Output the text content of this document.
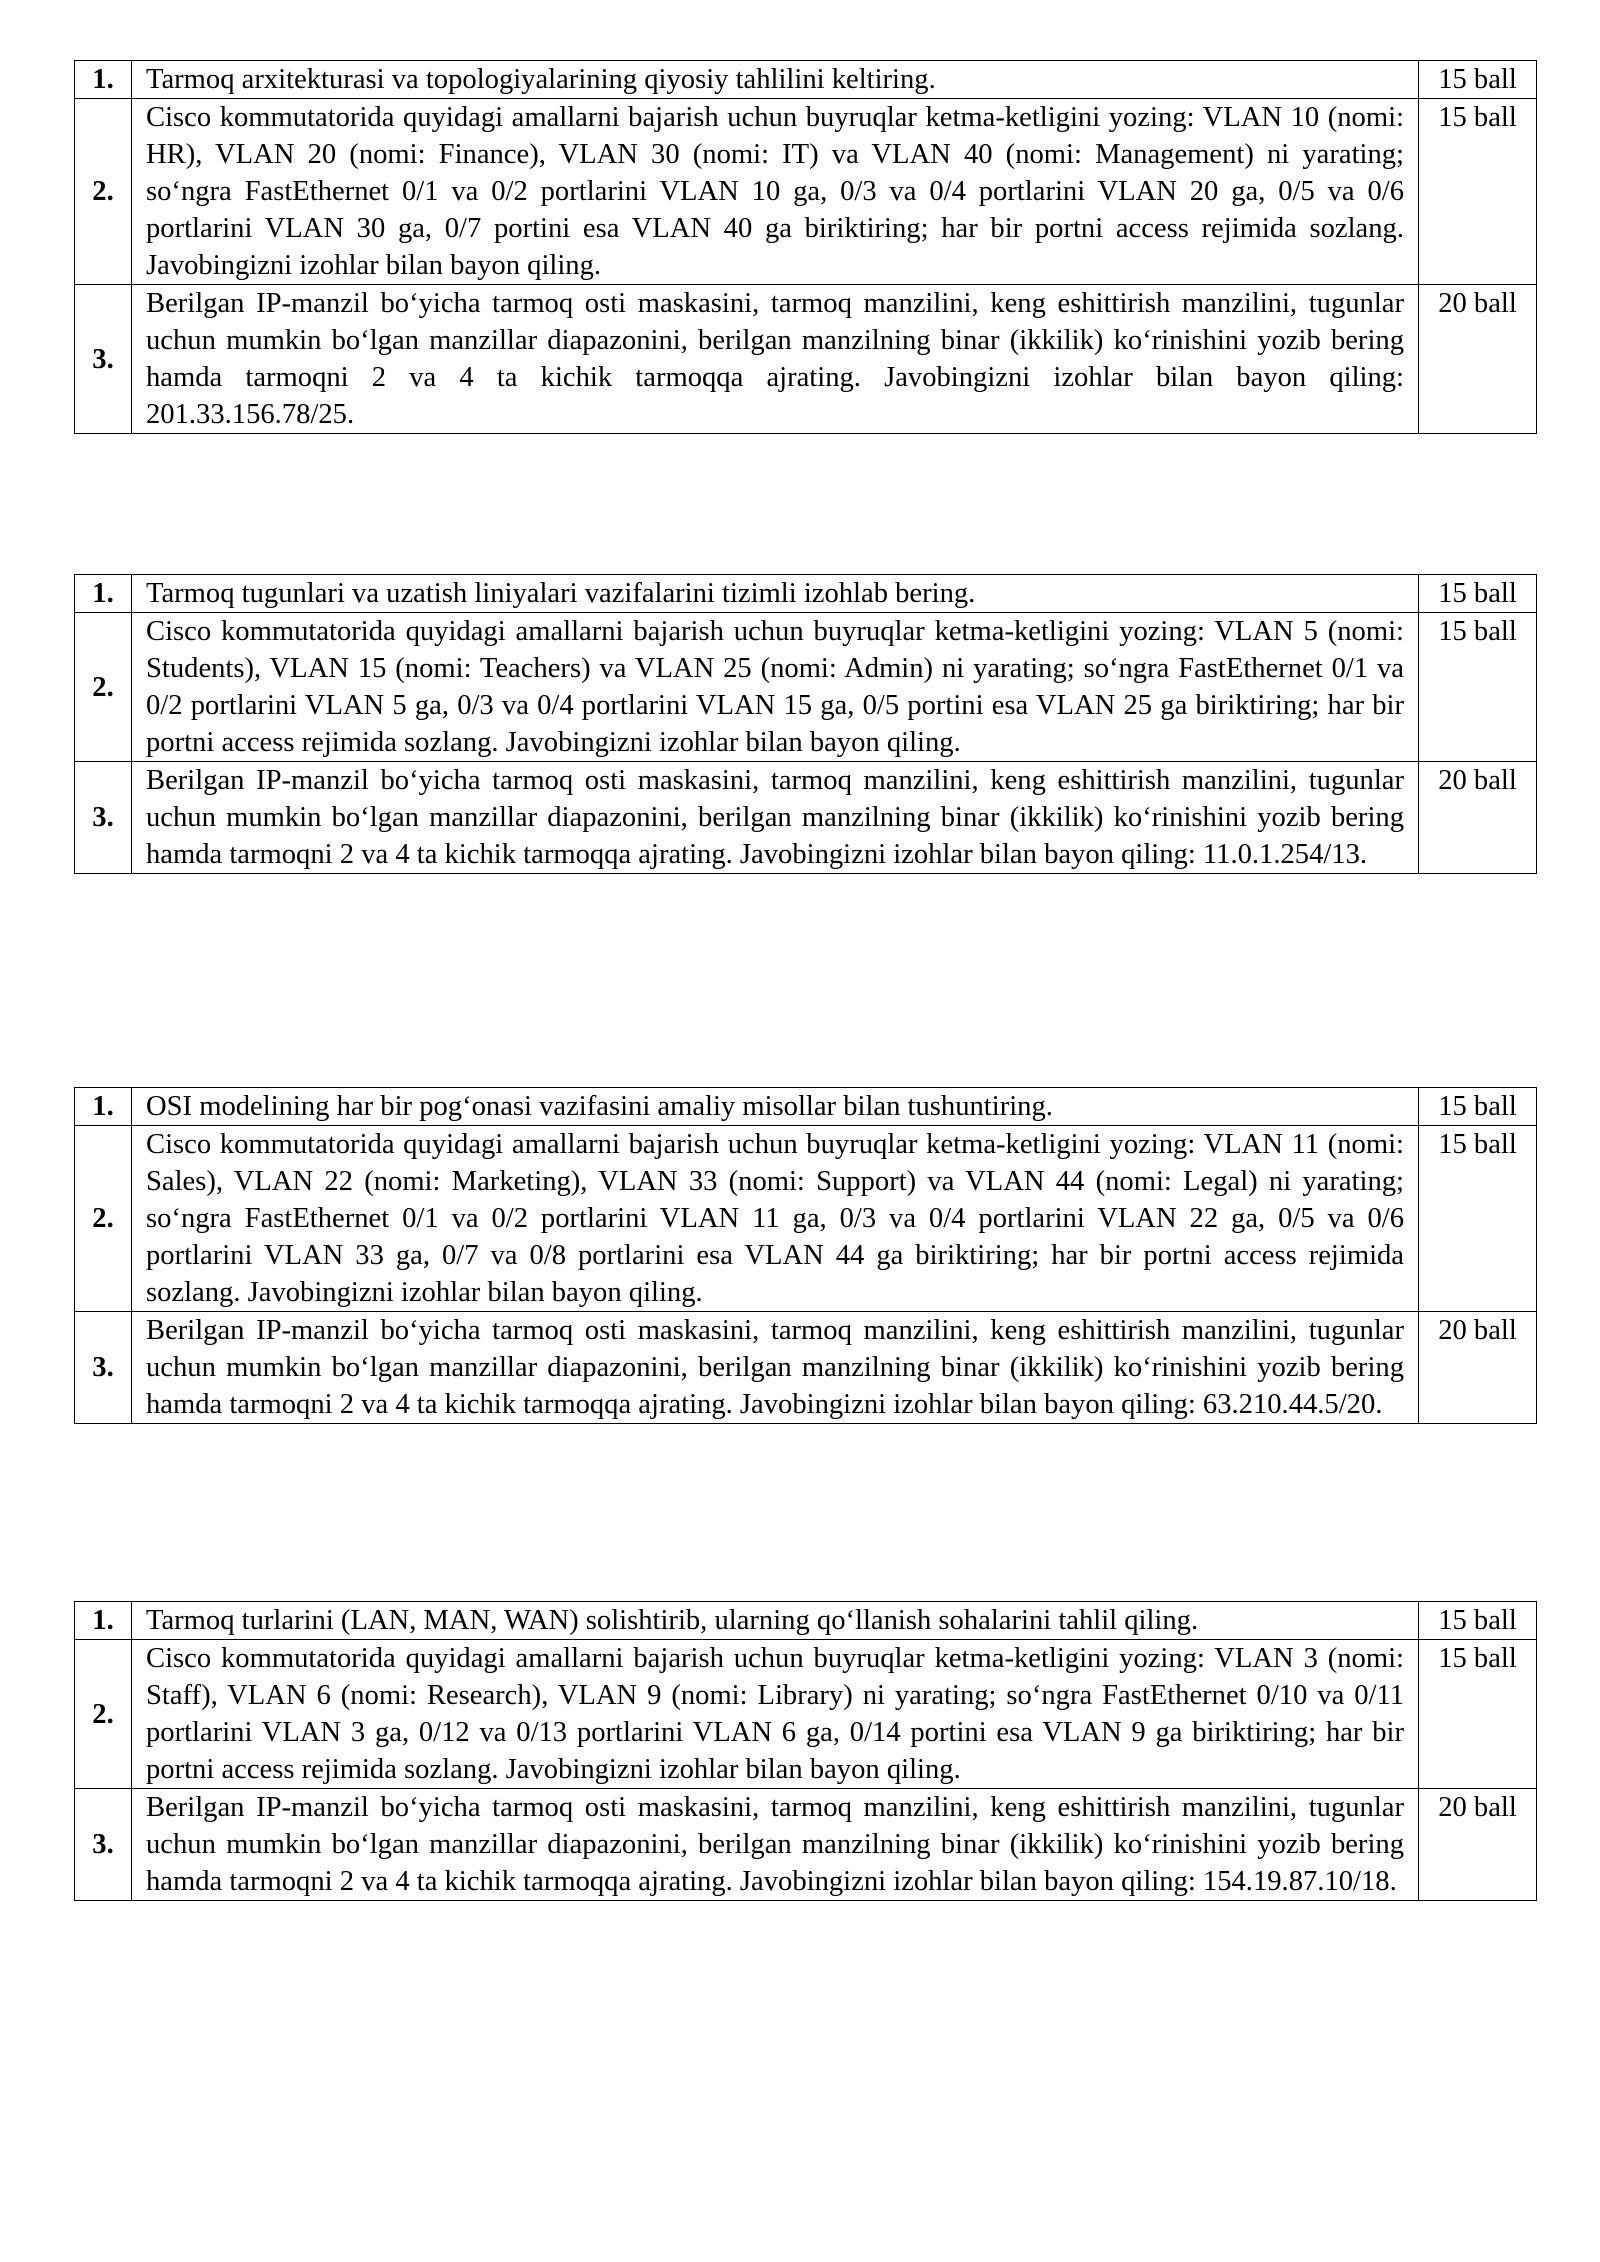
1.	Tarmoq arxitekturasi va topologiyalarining qiyosiy tahlilini keltiring.	15 ball
2.	Cisco kommutatorida quyidagi amallarni bajarish uchun buyruqlar ketma-ketligini yozing: VLAN 10 (nomi: HR), VLAN 20 (nomi: Finance), VLAN 30 (nomi: IT) va VLAN 40 (nomi: Management) ni yarating; so‘ngra FastEthernet 0/1 va 0/2 portlarini VLAN 10 ga, 0/3 va 0/4 portlarini VLAN 20 ga, 0/5 va 0/6 portlarini VLAN 30 ga, 0/7 portini esa VLAN 40 ga biriktiring; har bir portni access rejimida sozlang. Javobingizni izohlar bilan bayon qiling.	15 ball
3.	Berilgan IP-manzil bo‘yicha tarmoq osti maskasini, tarmoq manzilini, keng eshittirish manzilini, tugunlar uchun mumkin bo‘lgan manzillar diapazonini, berilgan manzilning binar (ikkilik) ko‘rinishini yozib bering hamda tarmoqni 2 va 4 ta kichik tarmoqqa ajrating. Javobingizni izohlar bilan bayon qiling: 201.33.156.78/25.	20 ball
1.	Tarmoq tugunlari va uzatish liniyalari vazifalarini tizimli izohlab bering.	15 ball
2.	Cisco kommutatorida quyidagi amallarni bajarish uchun buyruqlar ketma-ketligini yozing: VLAN 5 (nomi: Students), VLAN 15 (nomi: Teachers) va VLAN 25 (nomi: Admin) ni yarating; so‘ngra FastEthernet 0/1 va 0/2 portlarini VLAN 5 ga, 0/3 va 0/4 portlarini VLAN 15 ga, 0/5 portini esa VLAN 25 ga biriktiring; har bir portni access rejimida sozlang. Javobingizni izohlar bilan bayon qiling.	15 ball
3.	Berilgan IP-manzil bo‘yicha tarmoq osti maskasini, tarmoq manzilini, keng eshittirish manzilini, tugunlar uchun mumkin bo‘lgan manzillar diapazonini, berilgan manzilning binar (ikkilik) ko‘rinishini yozib bering hamda tarmoqni 2 va 4 ta kichik tarmoqqa ajrating. Javobingizni izohlar bilan bayon qiling: 11.0.1.254/13.	20 ball
1.	OSI modelining har bir pog‘onasi vazifasini amaliy misollar bilan tushuntiring.	15 ball
2.	Cisco kommutatorida quyidagi amallarni bajarish uchun buyruqlar ketma-ketligini yozing: VLAN 11 (nomi: Sales), VLAN 22 (nomi: Marketing), VLAN 33 (nomi: Support) va VLAN 44 (nomi: Legal) ni yarating; so‘ngra FastEthernet 0/1 va 0/2 portlarini VLAN 11 ga, 0/3 va 0/4 portlarini VLAN 22 ga, 0/5 va 0/6 portlarini VLAN 33 ga, 0/7 va 0/8 portlarini esa VLAN 44 ga biriktiring; har bir portni access rejimida sozlang. Javobingizni izohlar bilan bayon qiling.	15 ball
3.	Berilgan IP-manzil bo‘yicha tarmoq osti maskasini, tarmoq manzilini, keng eshittirish manzilini, tugunlar uchun mumkin bo‘lgan manzillar diapazonini, berilgan manzilning binar (ikkilik) ko‘rinishini yozib bering hamda tarmoqni 2 va 4 ta kichik tarmoqqa ajrating. Javobingizni izohlar bilan bayon qiling: 63.210.44.5/20.	20 ball
1.	Tarmoq turlarini (LAN, MAN, WAN) solishtirib, ularning qo‘llanish sohalarini tahlil qiling.	15 ball
2.	Cisco kommutatorida quyidagi amallarni bajarish uchun buyruqlar ketma-ketligini yozing: VLAN 3 (nomi: Staff), VLAN 6 (nomi: Research), VLAN 9 (nomi: Library) ni yarating; so‘ngra FastEthernet 0/10 va 0/11 portlarini VLAN 3 ga, 0/12 va 0/13 portlarini VLAN 6 ga, 0/14 portini esa VLAN 9 ga biriktiring; har bir portni access rejimida sozlang. Javobingizni izohlar bilan bayon qiling.	15 ball
3.	Berilgan IP-manzil bo‘yicha tarmoq osti maskasini, tarmoq manzilini, keng eshittirish manzilini, tugunlar uchun mumkin bo‘lgan manzillar diapazonini, berilgan manzilning binar (ikkilik) ko‘rinishini yozib bering hamda tarmoqni 2 va 4 ta kichik tarmoqqa ajrating. Javobingizni izohlar bilan bayon qiling: 154.19.87.10/18.	20 ball
